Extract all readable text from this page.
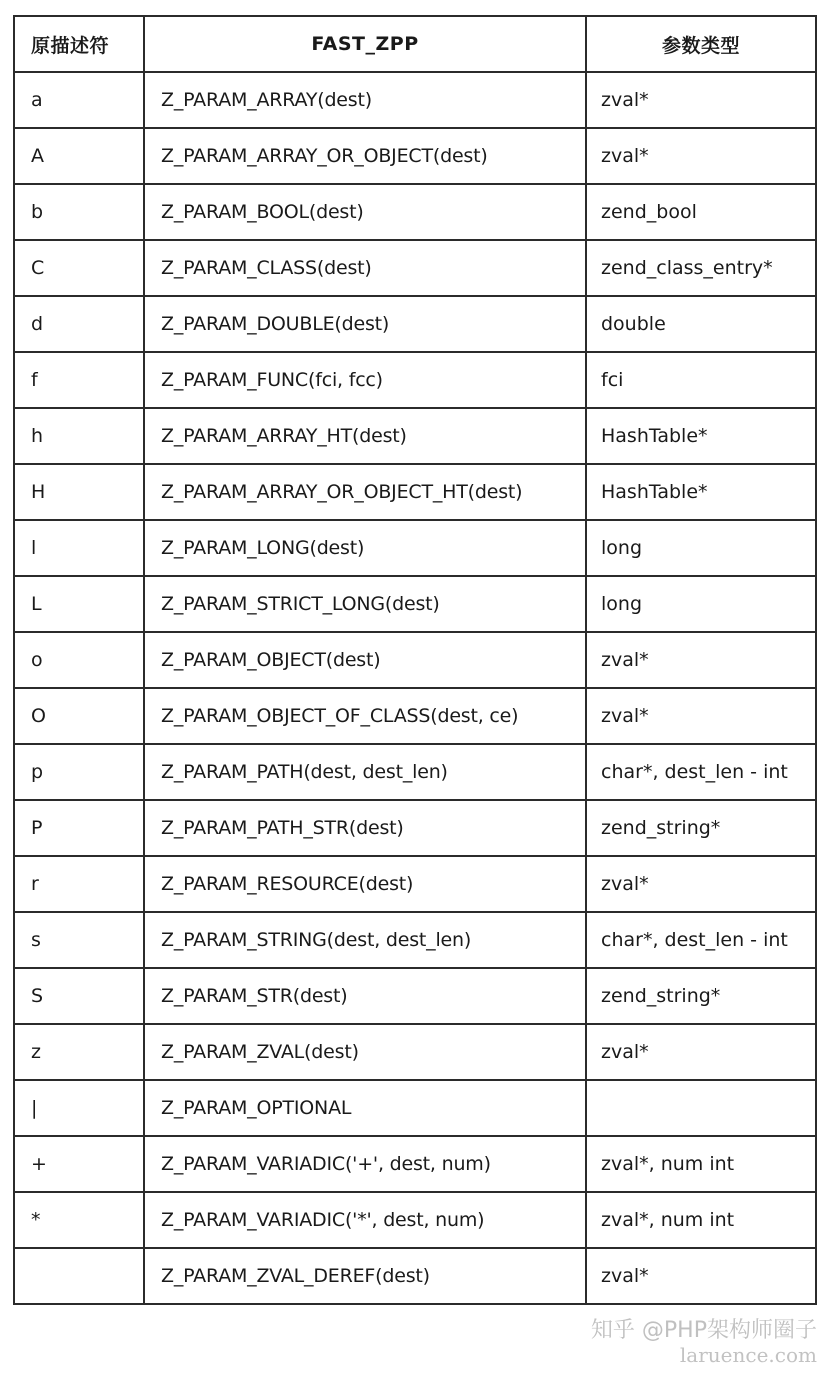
原描述符	FAST_ZPP	参数类型
a	Z_PARAM_ARRAY(dest)	zval*
A	Z_PARAM_ARRAY_OR_OBJECT(dest)	zval*
b	Z_PARAM_BOOL(dest)	zend_bool
C	Z_PARAM_CLASS(dest)	zend_class_entry*
d	Z_PARAM_DOUBLE(dest)	double
f	Z_PARAM_FUNC(fci, fcc)	fci
h	Z_PARAM_ARRAY_HT(dest)	HashTable*
H	Z_PARAM_ARRAY_OR_OBJECT_HT(dest)	HashTable*
l	Z_PARAM_LONG(dest)	long
L	Z_PARAM_STRICT_LONG(dest)	long
o	Z_PARAM_OBJECT(dest)	zval*
O	Z_PARAM_OBJECT_OF_CLASS(dest, ce)	zval*
p	Z_PARAM_PATH(dest, dest_len)	char*, dest_len - int
P	Z_PARAM_PATH_STR(dest)	zend_string*
r	Z_PARAM_RESOURCE(dest)	zval*
s	Z_PARAM_STRING(dest, dest_len)	char*, dest_len - int
S	Z_PARAM_STR(dest)	zend_string*
z	Z_PARAM_ZVAL(dest)	zval*
|	Z_PARAM_OPTIONAL	
+	Z_PARAM_VARIADIC('+', dest, num)	zval*, num int
*	Z_PARAM_VARIADIC('*', dest, num)	zval*, num int
	Z_PARAM_ZVAL_DEREF(dest)	zval*
知乎 @PHP架构师圈子
laruence.com
